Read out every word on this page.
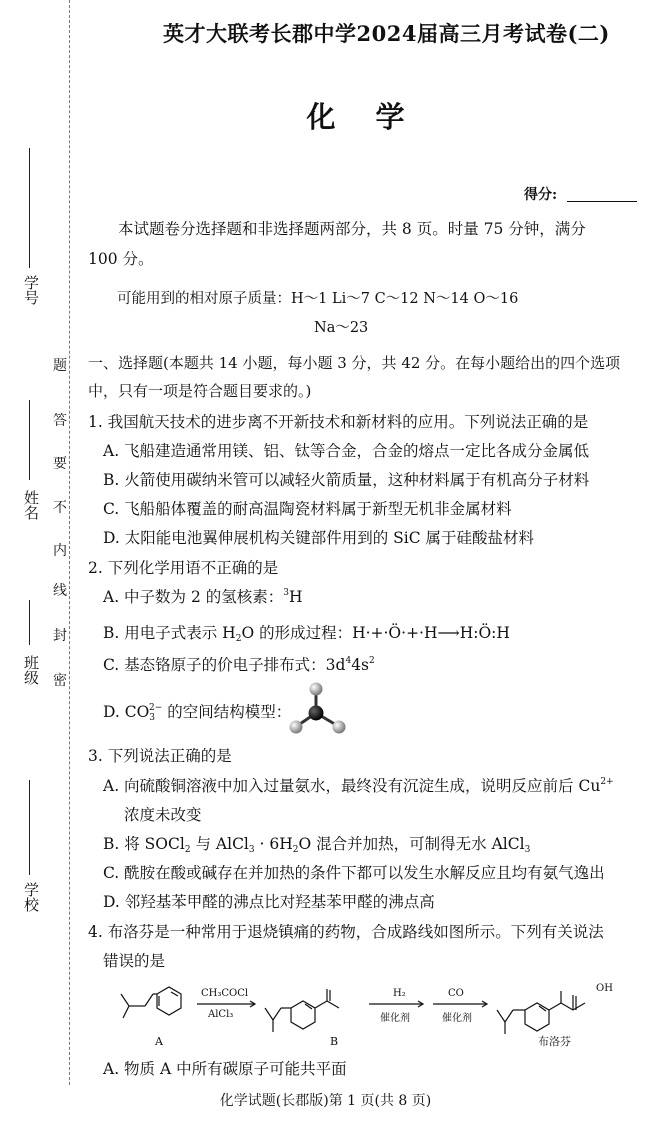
学号
姓名
班级
学校
密
封
线
内
不
要
答
题
英才大联考长郡中学2024届高三月考试卷(二)
化学
得分:
本试题卷分选择题和非选择题两部分，共 8 页。时量 75 分钟，满分
100 分。
可能用到的相对原子质量：H～1 Li～7 C～12 N～14 O～16
Na～23
一、选择题(本题共 14 小题，每小题 3 分，共 42 分。在每小题给出的四个选项
中，只有一项是符合题目要求的。)
1. 我国航天技术的进步离不开新技术和新材料的应用。下列说法正确的是
A. 飞船建造通常用镁、铝、钛等合金，合金的熔点一定比各成分金属低
B. 火箭使用碳纳米管可以减轻火箭质量，这种材料属于有机高分子材料
C. 飞船船体覆盖的耐高温陶瓷材料属于新型无机非金属材料
D. 太阳能电池翼伸展机构关键部件用到的 SiC 属于硅酸盐材料
2. 下列化学用语不正确的是
A. 中子数为 2 的氢核素：$^3$H
B. 用电子式表示 $H_2O$ 的形成过程：H·+·Ö·+·H⟶H:Ö:H
C. 基态铬原子的价电子排布式：$3d^44s^2$
D. $CO_3^{2-}$ 的空间结构模型：
3. 下列说法正确的是
A. 向硫酸铜溶液中加入过量氨水，最终没有沉淀生成，说明反应前后 $Cu^{2+}$
浓度未改变
B. 将 SOCl$_2$ 与 AlCl$_3$ · $6H_2O$ 混合并加热，可制得无水 AlCl$_3$
C. 酰胺在酸或碱存在并加热的条件下都可以发生水解反应且均有氨气逸出
D. 邻羟基苯甲醛的沸点比对羟基苯甲醛的沸点高
4. 布洛芬是一种常用于退烧镇痛的药物，合成路线如图所示。下列有关说法
错误的是
CH₃COCl
AlCl₃
H₂
催化剂
CO
催化剂
OH
A	B	布洛芬
A. 物质 A 中所有碳原子可能共平面
化学试题(长郡版)第 1 页(共 8 页)
